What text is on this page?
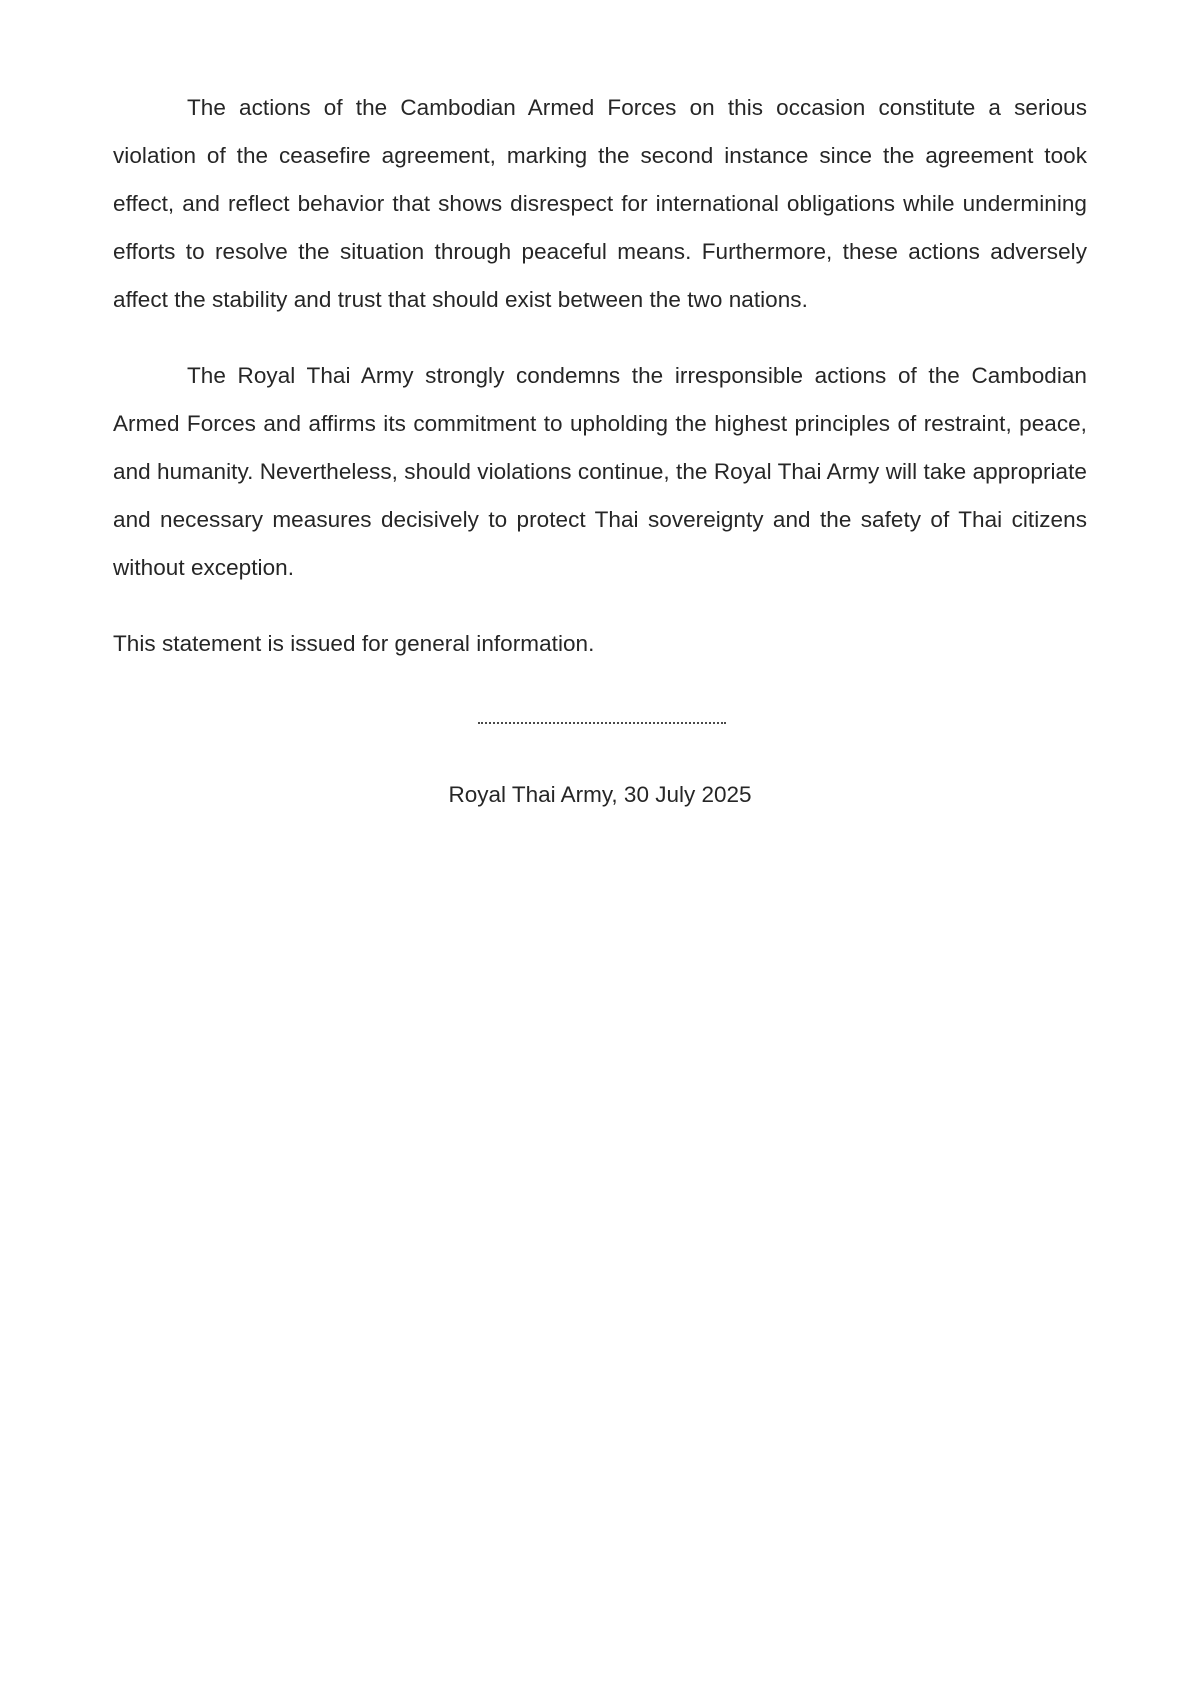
The actions of the Cambodian Armed Forces on this occasion constitute a serious violation of the ceasefire agreement, marking the second instance since the agreement took effect, and reflect behavior that shows disrespect for international obligations while undermining efforts to resolve the situation through peaceful means. Furthermore, these actions adversely affect the stability and trust that should exist between the two nations.

The Royal Thai Army strongly condemns the irresponsible actions of the Cambodian Armed Forces and affirms its commitment to upholding the highest principles of restraint, peace, and humanity. Nevertheless, should violations continue, the Royal Thai Army will take appropriate and necessary measures decisively to protect Thai sovereignty and the safety of Thai citizens without exception.

This statement is issued for general information.

Royal Thai Army, 30 July 2025
